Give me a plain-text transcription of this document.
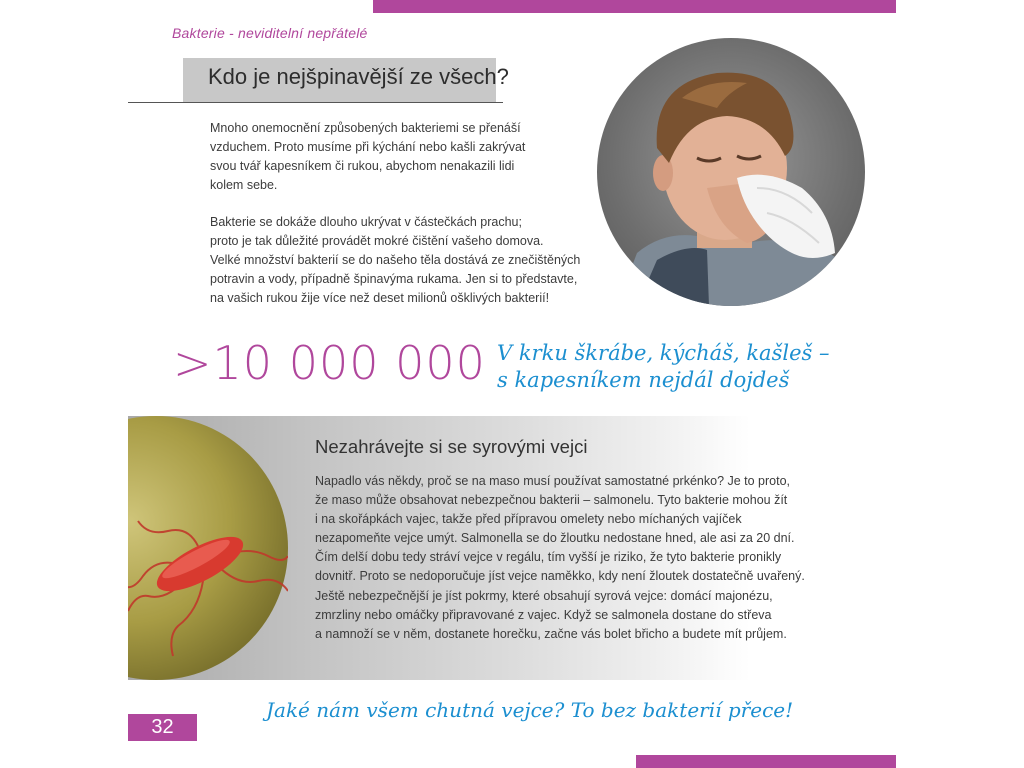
Bakterie - neviditelní nepřátelé
Kdo je nejšpinavější ze všech?
Mnoho onemocnění způsobených bakteriemi se přenáší
vzduchem. Proto musíme při kýchání nebo kašli zakrývat
svou tvář kapesníkem či rukou, abychom nenakazili lidi
kolem sebe.
Bakterie se dokáže dlouho ukrývat v částečkách prachu;
proto je tak důležité provádět mokré čištění vašeho domova.
Velké množství bakterií se do našeho těla dostává ze znečištěných
potravin a vody, případně špinavýma rukama. Jen si to představte,
na vašich rukou žije více než deset milionů ošklivých bakterií!
>10 000 000 V krku škrábe, kýcháš, kašleš –
s kapesníkem nejdál dojdeš
Nezahrávejte si se syrovými vejci
Napadlo vás někdy, proč se na maso musí používat samostatné prkénko? Je to proto,
že maso může obsahovat nebezpečnou bakterii – salmonelu. Tyto bakterie mohou žít
i na skořápkách vajec, takže před přípravou omelety nebo míchaných vajíček
nezapomeňte vejce umýt. Salmonella se do žloutku nedostane hned, ale asi za 20 dní.
Čím delší dobu tedy stráví vejce v regálu, tím vyšší je riziko, že tyto bakterie pronikly
dovnitř. Proto se nedoporučuje jíst vejce naměkko, kdy není žloutek dostatečně uvařený.
Ještě nebezpečnější je jíst pokrmy, které obsahují syrová vejce: domácí majonézu,
zmrzliny nebo omáčky připravované z vajec. Když se salmonela dostane do střeva
a namnoží se v něm, dostanete horečku, začne vás bolet břicho a budete mít průjem.
Jaké nám všem chutná vejce? To bez bakterií přece!
32
